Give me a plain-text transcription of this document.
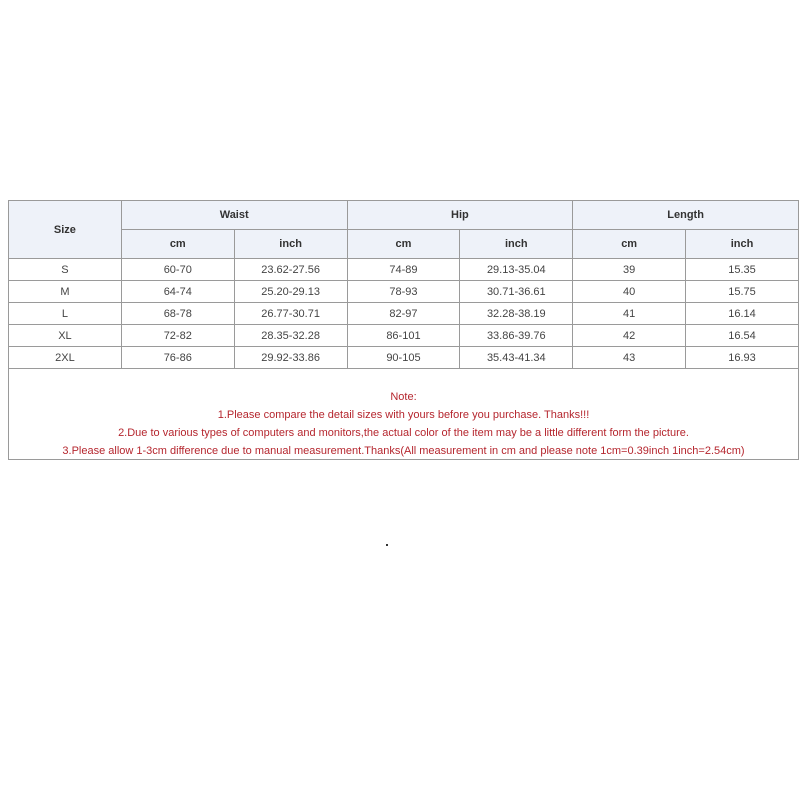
Size	Waist		Hip		Length	
	cm	inch	cm	inch	cm	inch
S	60-70	23.62-27.56	74-89	29.13-35.04	39	15.35
M	64-74	25.20-29.13	78-93	30.71-36.61	40	15.75
L	68-78	26.77-30.71	82-97	32.28-38.19	41	16.14
XL	72-82	28.35-32.28	86-101	33.86-39.76	42	16.54
2XL	76-86	29.92-33.86	90-105	35.43-41.34	43	16.93
Note:
1.Please compare the detail sizes with yours before you purchase. Thanks!!!
2.Due to various types of computers and monitors,the actual color of the item may be a little different form the picture.
3.Please allow 1-3cm difference due to manual measurement.Thanks(All measurement in cm and please note 1cm=0.39inch 1inch=2.54cm)
